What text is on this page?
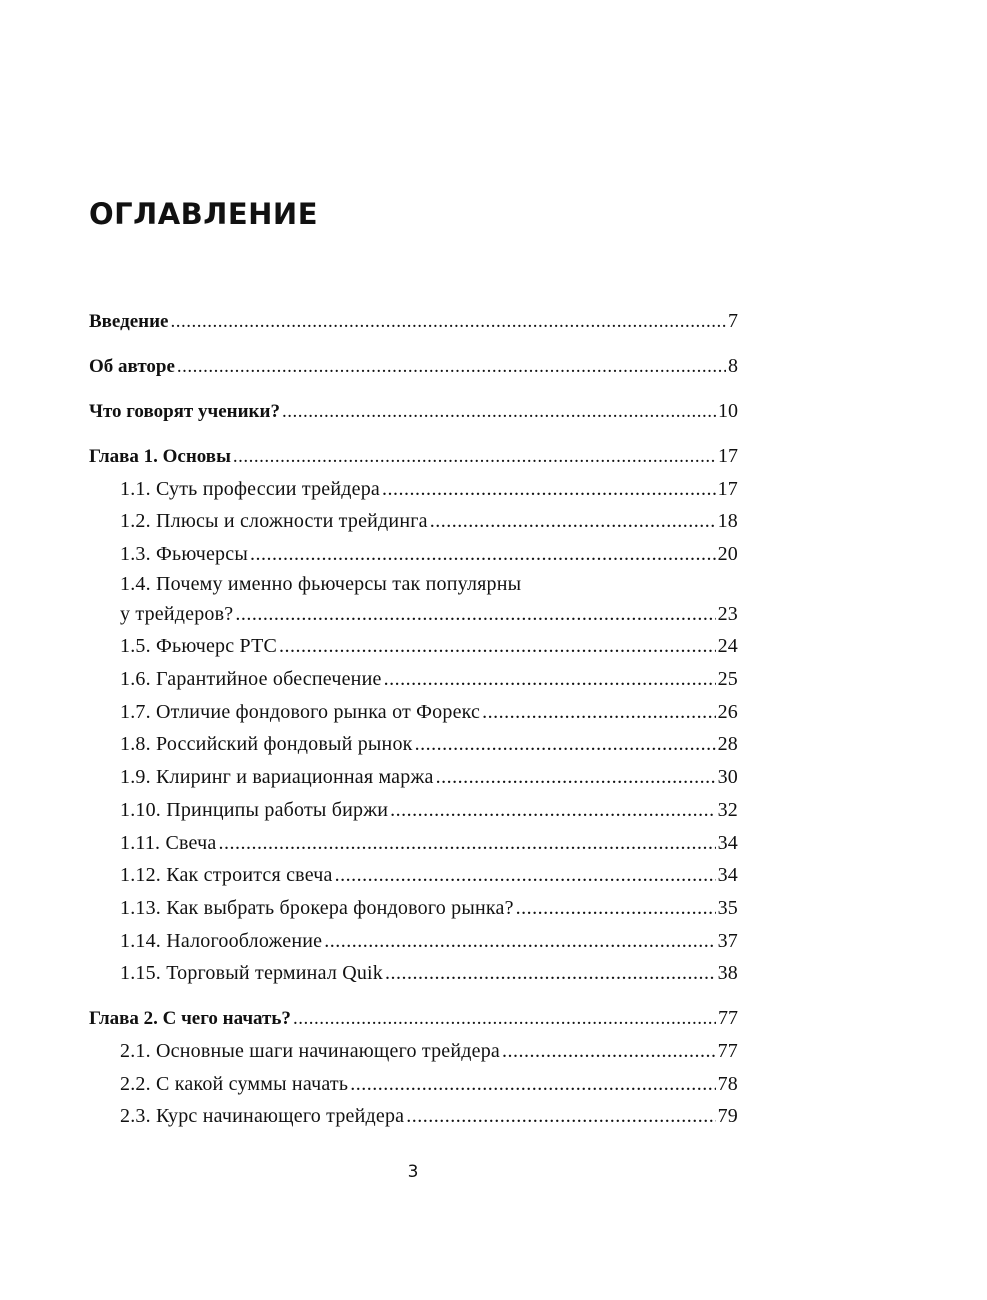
ОГЛАВЛЕНИЕ
Введение .....	7
Об авторе .....	8
Что говорят ученики? .....	10
Глава 1. Основы .....	17
1.1. Суть профессии трейдера .....	17
1.2. Плюсы и сложности трейдинга .....	18
1.3. Фьючерсы .....	20
1.4. Почему именно фьючерсы так популярны
у трейдеров? .....	23
1.5. Фьючерс РТС .....	24
1.6. Гарантийное обеспечение .....	25
1.7. Отличие фондового рынка от Форекс .....	26
1.8. Российский фондовый рынок .....	28
1.9. Клиринг и вариационная маржа .....	30
1.10. Принципы работы биржи .....	32
1.11. Свеча .....	34
1.12. Как строится свеча .....	34
1.13. Как выбрать брокера фондового рынка? .....	35
1.14. Налогообложение .....	37
1.15. Торговый терминал Quik .....	38
Глава 2. С чего начать? .....	77
2.1. Основные шаги начинающего трейдера .....	77
2.2. С какой суммы начать .....	78
2.3. Курс начинающего трейдера .....	79
3
